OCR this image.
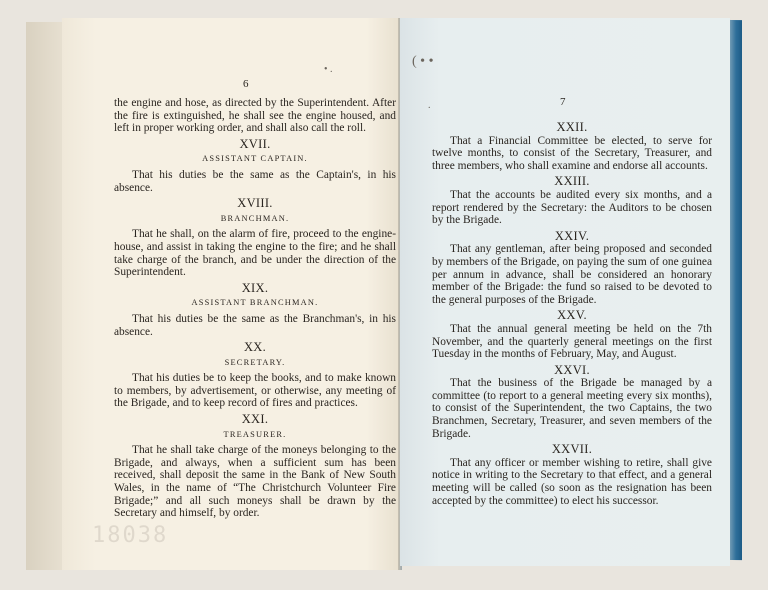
6
• .

the engine and hose, as directed by the Superintendent. After the fire is extinguished, he shall see the engine housed, and left in proper working order, and shall also call the roll.

XVII.
ASSISTANT CAPTAIN.

That his duties be the same as the Captain's, in his absence.

XVIII.
BRANCHMAN.

That he shall, on the alarm of fire, proceed to the engine-house, and assist in taking the engine to the fire; and he shall take charge of the branch, and be under the direction of the Superintendent.

XIX.
ASSISTANT BRANCHMAN.

That his duties be the same as the Branchman's, in his absence.

XX.
SECRETARY.

That his duties be to keep the books, and to make known to members, by advertisement, or otherwise, any meeting of the Brigade, and to keep record of fires and practices.

XXI.
TREASURER.

That he shall take charge of the moneys belonging to the Brigade, and always, when a sufficient sum has been received, shall deposit the same in the Bank of New South Wales, in the name of “The Christchurch Volunteer Fire Brigade;” and all such moneys shall be drawn by the Secretary and himself, by order.

18038
( • •
.	7
XXII.

That a Financial Committee be elected, to serve for twelve months, to consist of the Secretary, Treasurer, and three members, who shall examine and endorse all accounts.

XXIII.

That the accounts be audited every six months, and a report rendered by the Secretary: the Auditors to be chosen by the Brigade.

XXIV.

That any gentleman, after being proposed and seconded by members of the Brigade, on paying the sum of one guinea per annum in advance, shall be considered an honorary member of the Brigade: the fund so raised to be devoted to the general purposes of the Brigade.

XXV.

That the annual general meeting be held on the 7th November, and the quarterly general meetings on the first Tuesday in the months of February, May, and August.

XXVI.

That the business of the Brigade be managed by a committee (to report to a general meeting every six months), to consist of the Superintendent, the two Captains, the two Branchmen, Secretary, Treasurer, and seven members of the Brigade.

XXVII.

That any officer or member wishing to retire, shall give notice in writing to the Secretary to that effect, and a general meeting will be called (so soon as the resignation has been accepted by the committee) to elect his successor.
